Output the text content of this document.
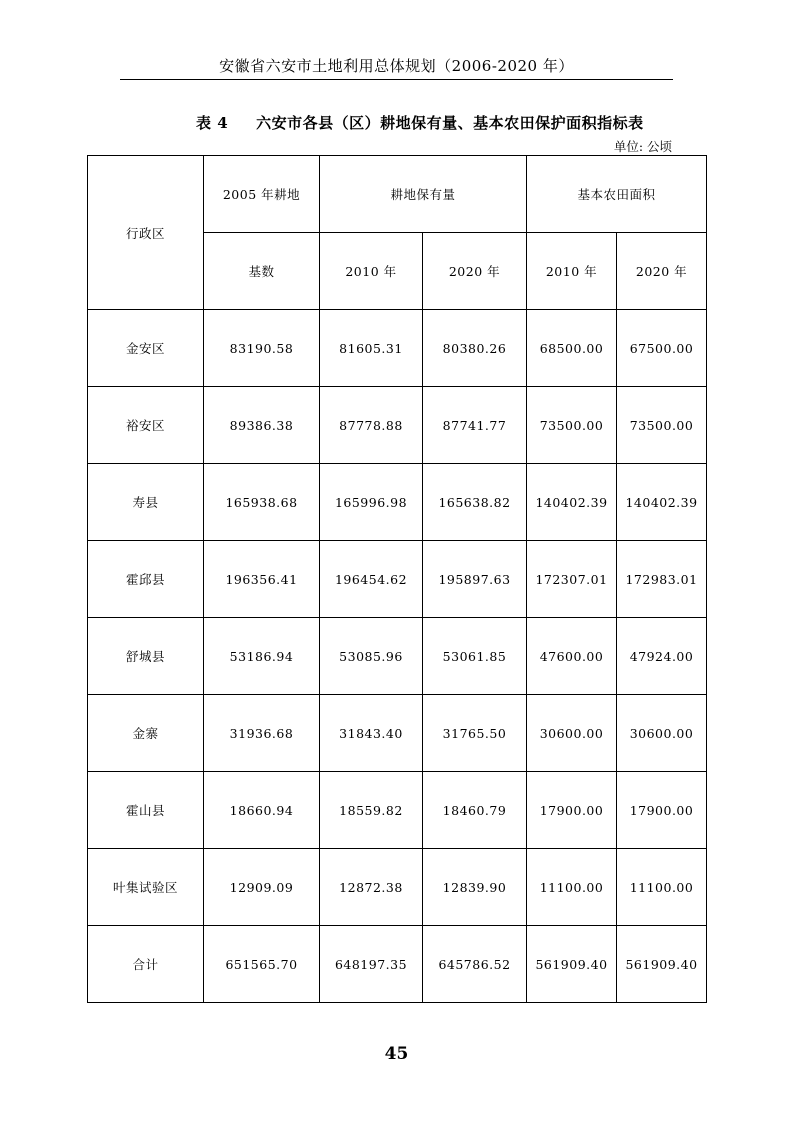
安徽省六安市土地利用总体规划（2006-2020 年）
表 4 六安市各县（区）耕地保有量、基本农田保护面积指标表
单位: 公顷
行政区	2005 年耕地	耕地保有量		基本农田面积	
	基数	2010 年	2020 年	2010 年	2020 年
金安区	83190.58	81605.31	80380.26	68500.00	67500.00
裕安区	89386.38	87778.88	87741.77	73500.00	73500.00
寿县	165938.68	165996.98	165638.82	140402.39	140402.39
霍邱县	196356.41	196454.62	195897.63	172307.01	172983.01
舒城县	53186.94	53085.96	53061.85	47600.00	47924.00
金寨	31936.68	31843.40	31765.50	30600.00	30600.00
霍山县	18660.94	18559.82	18460.79	17900.00	17900.00
叶集试验区	12909.09	12872.38	12839.90	11100.00	11100.00
合计	651565.70	648197.35	645786.52	561909.40	561909.40
45
